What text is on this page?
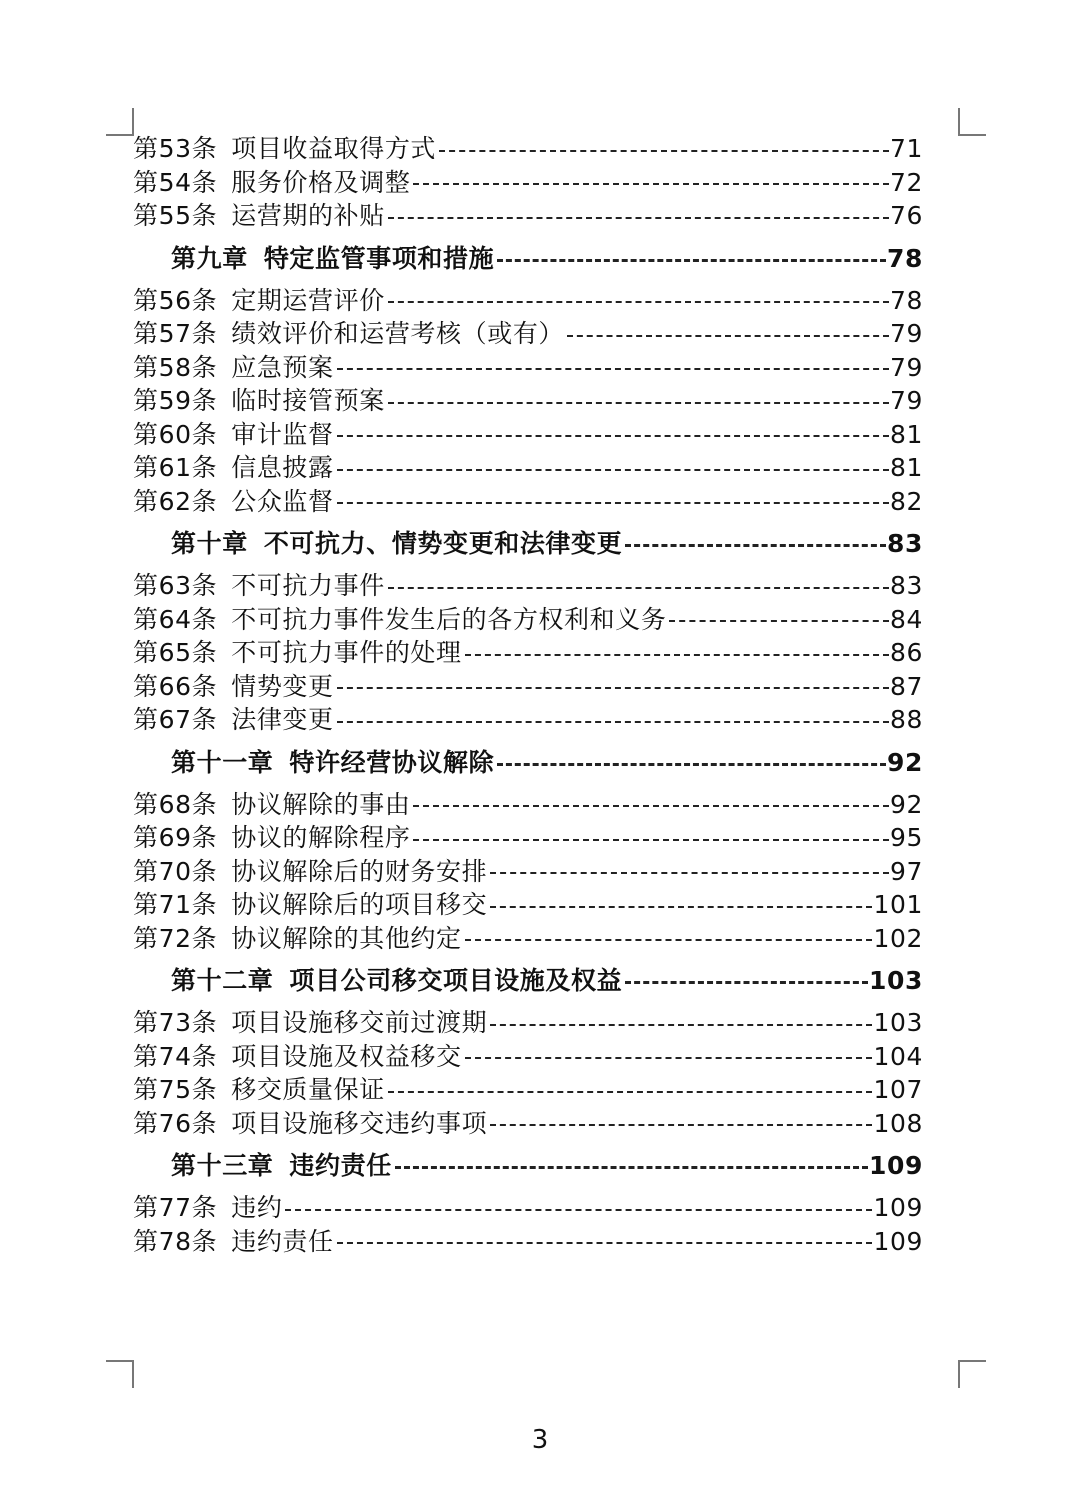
第53条 项目收益取得方式	71
第54条 服务价格及调整	72
第55条 运营期的补贴	76
第九章 特定监管事项和措施	78
第56条 定期运营评价	78
第57条 绩效评价和运营考核（或有）	79
第58条 应急预案	79
第59条 临时接管预案	79
第60条 审计监督	81
第61条 信息披露	81
第62条 公众监督	82
第十章 不可抗力、情势变更和法律变更	83
第63条 不可抗力事件	83
第64条 不可抗力事件发生后的各方权利和义务	84
第65条 不可抗力事件的处理	86
第66条 情势变更	87
第67条 法律变更	88
第十一章 特许经营协议解除	92
第68条 协议解除的事由	92
第69条 协议的解除程序	95
第70条 协议解除后的财务安排	97
第71条 协议解除后的项目移交	101
第72条 协议解除的其他约定	102
第十二章 项目公司移交项目设施及权益	103
第73条 项目设施移交前过渡期	103
第74条 项目设施及权益移交	104
第75条 移交质量保证	107
第76条 项目设施移交违约事项	108
第十三章 违约责任	109
第77条 违约	109
第78条 违约责任	109
3
